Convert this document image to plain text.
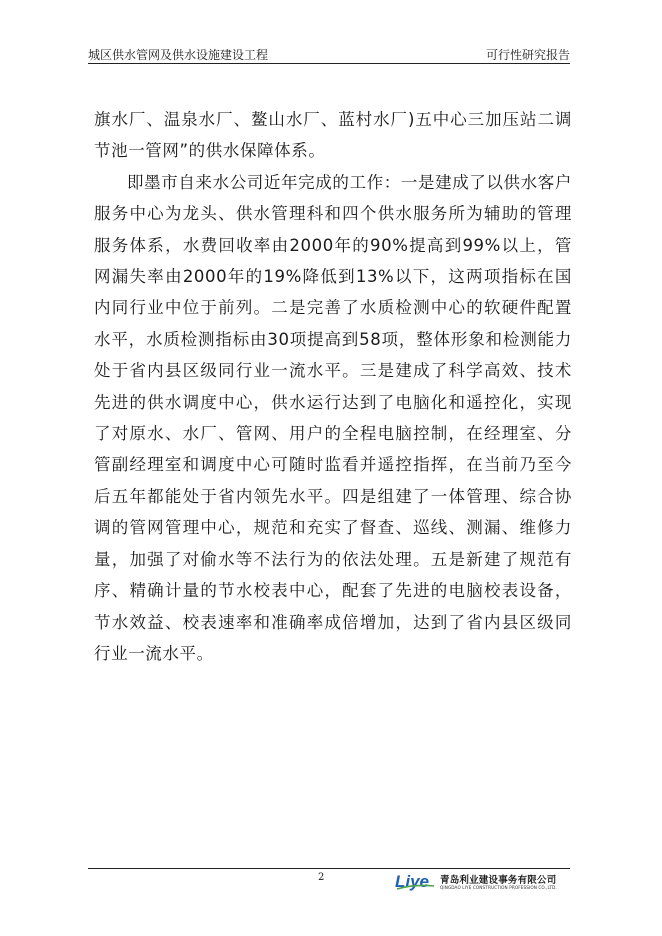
城区供水管网及供水设施建设工程	可行性研究报告

旗水厂、温泉水厂、鳌山水厂、蓝村水厂)五中心三加压站二调节池一管网”的供水保障体系。

即墨市自来水公司近年完成的工作：一是建成了以供水客户服务中心为龙头、供水管理科和四个供水服务所为辅助的管理服务体系，水费回收率由2000年的90%提高到99%以上，管网漏失率由2000年的19%降低到13%以下，这两项指标在国内同行业中位于前列。二是完善了水质检测中心的软硬件配置水平，水质检测指标由30项提高到58项，整体形象和检测能力处于省内县区级同行业一流水平。三是建成了科学高效、技术先进的供水调度中心，供水运行达到了电脑化和遥控化，实现了对原水、水厂、管网、用户的全程电脑控制，在经理室、分管副经理室和调度中心可随时监看并遥控指挥，在当前乃至今后五年都能处于省内领先水平。四是组建了一体管理、综合协调的管网管理中心，规范和充实了督查、巡线、测漏、维修力量，加强了对偷水等不法行为的依法处理。五是新建了规范有序、精确计量的节水校表中心，配套了先进的电脑校表设备，节水效益、校表速率和准确率成倍增加，达到了省内县区级同行业一流水平。

2	Liye 青岛利业建设事务有限公司
QINGDAO LIYE CONSTRUCTION PROFESSION CO.,LTD.
